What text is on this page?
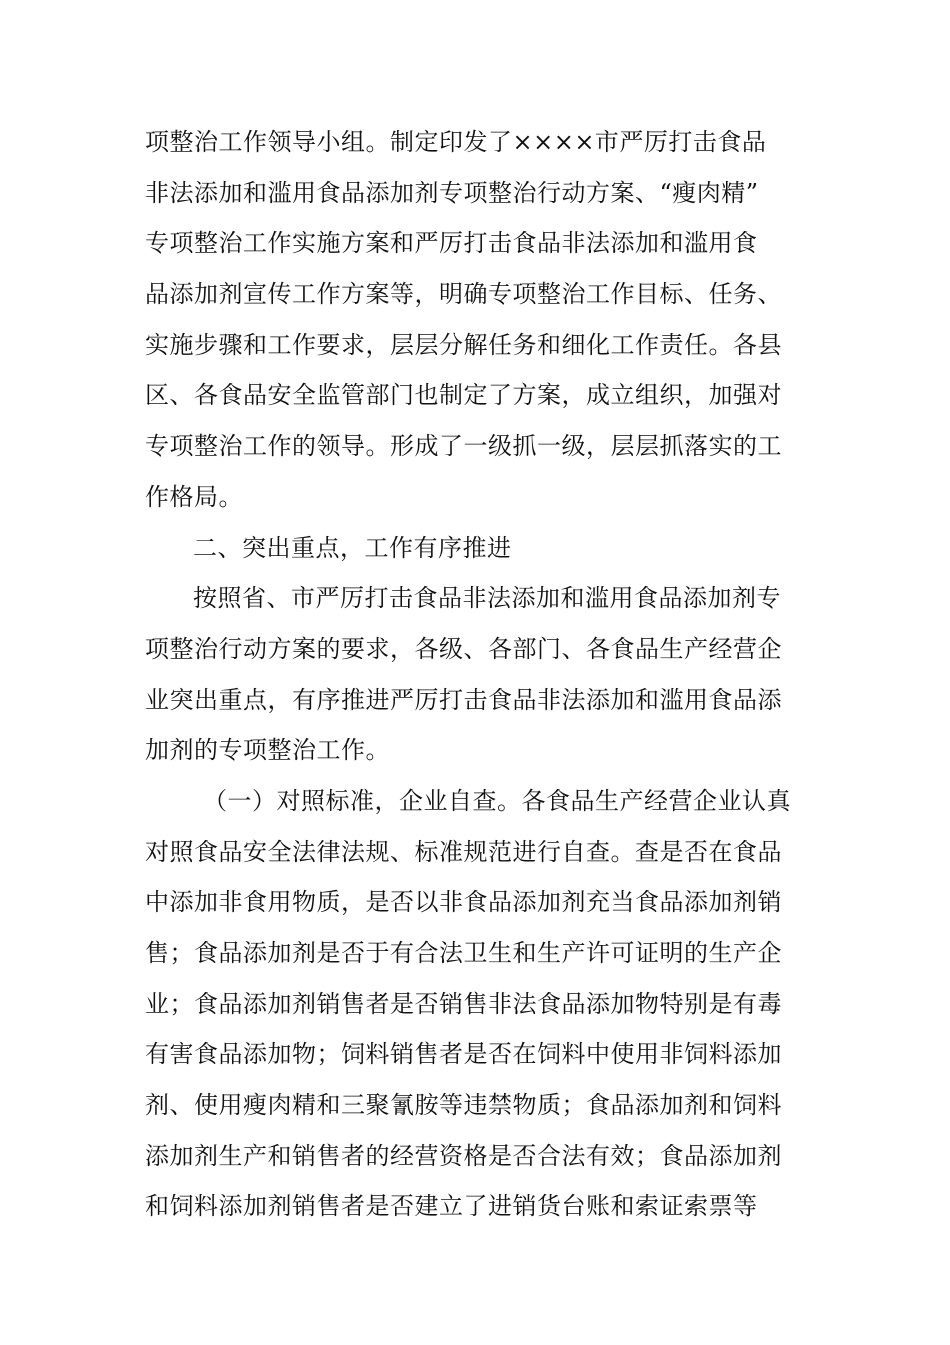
项整治工作领导小组。制定印发了××××市严厉打击食品
非法添加和滥用食品添加剂专项整治行动方案、“瘦肉精”
专项整治工作实施方案和严厉打击食品非法添加和滥用食
品添加剂宣传工作方案等，明确专项整治工作目标、任务、
实施步骤和工作要求，层层分解任务和细化工作责任。各县
区、各食品安全监管部门也制定了方案，成立组织，加强对
专项整治工作的领导。形成了一级抓一级，层层抓落实的工
作格局。
二、突出重点，工作有序推进
按照省、市严厉打击食品非法添加和滥用食品添加剂专
项整治行动方案的要求，各级、各部门、各食品生产经营企
业突出重点，有序推进严厉打击食品非法添加和滥用食品添
加剂的专项整治工作。
（一）对照标准，企业自查。各食品生产经营企业认真
对照食品安全法律法规、标准规范进行自查。查是否在食品
中添加非食用物质，是否以非食品添加剂充当食品添加剂销
售；食品添加剂是否于有合法卫生和生产许可证明的生产企
业；食品添加剂销售者是否销售非法食品添加物特别是有毒
有害食品添加物；饲料销售者是否在饲料中使用非饲料添加
剂、使用瘦肉精和三聚氰胺等违禁物质；食品添加剂和饲料
添加剂生产和销售者的经营资格是否合法有效；食品添加剂
和饲料添加剂销售者是否建立了进销货台账和索证索票等
